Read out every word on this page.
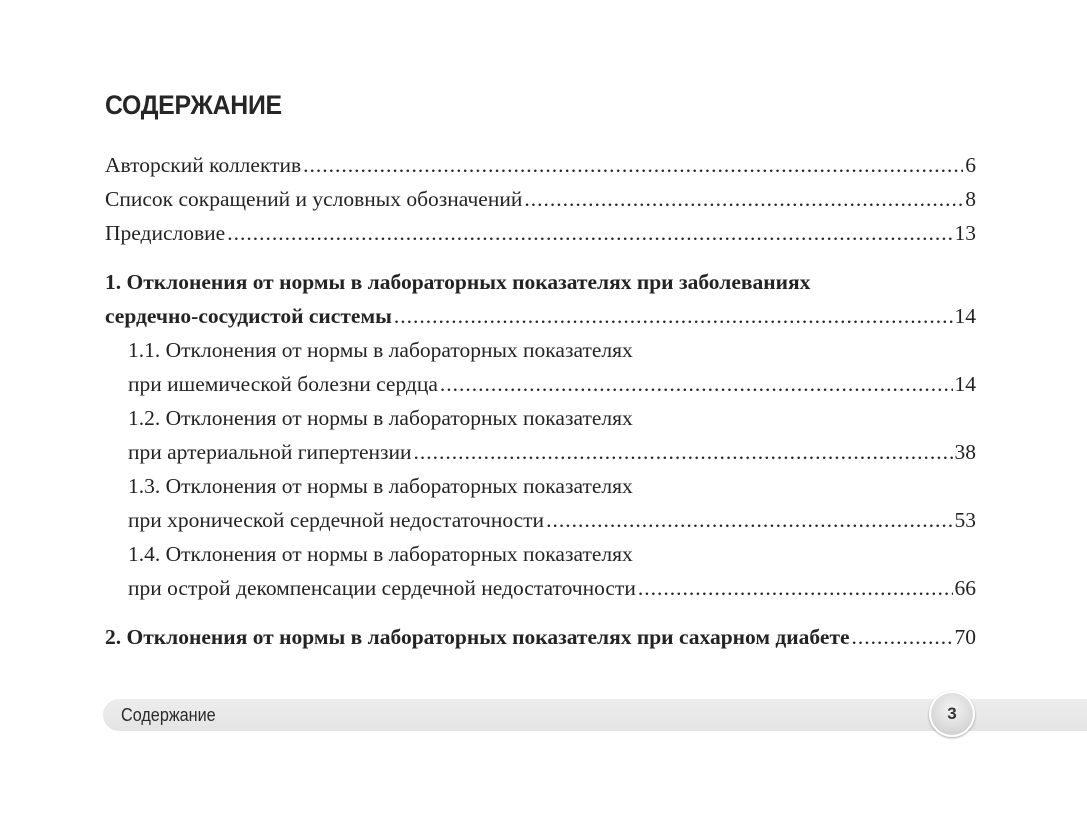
СОДЕРЖАНИЕ
Авторский коллектив .....	6
Список сокращений и условных обозначений .....	8
Предисловие .....	13
1. Отклонения от нормы в лабораторных показателях при заболеваниях
сердечно-сосудистой системы .....	14
1.1. Отклонения от нормы в лабораторных показателях
при ишемической болезни сердца .....	14
1.2. Отклонения от нормы в лабораторных показателях
при артериальной гипертензии .....	38
1.3. Отклонения от нормы в лабораторных показателях
при хронической сердечной недостаточности .....	53
1.4. Отклонения от нормы в лабораторных показателях
при острой декомпенсации сердечной недостаточности .....	66
2. Отклонения от нормы в лабораторных показателях при сахарном диабете .....	70
Содержание	3
